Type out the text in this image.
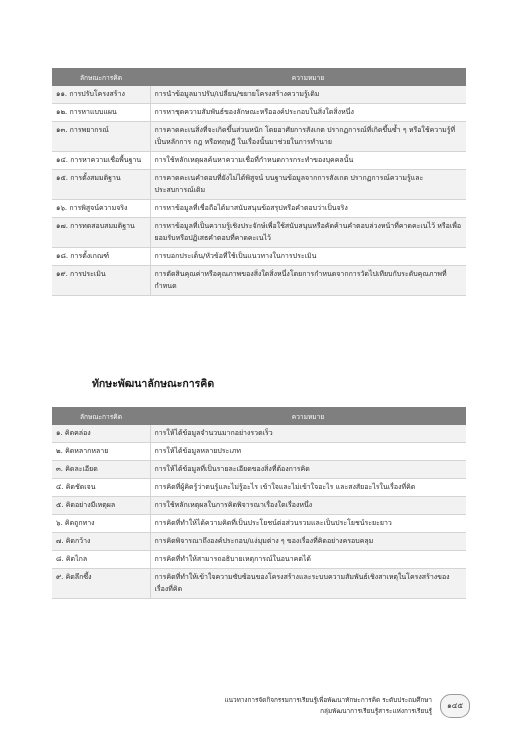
ลักษณะการคิด	ความหมาย
๑๑. การปรับโครงสร้าง	การนำข้อมูลมาปรับ/เปลี่ยน/ขยายโครงสร้างความรู้เดิม
๑๒. การหาแบบแผน	การหาชุดความสัมพันธ์ของลักษณะหรือองค์ประกอบในสิ่งใดสิ่งหนึ่ง
๑๓. การพยากรณ์	การคาดคะเนสิ่งที่จะเกิดขึ้นส่วนหนัก โดยอาศัยการสังเกต ปรากฏการณ์ที่เกิดขึ้นซ้ำ ๆ หรือใช้ความรู้ที่เป็นหลักการ กฎ หรือทฤษฎี ในเรื่องนั้นมาช่วยในการทำนาย
๑๔. การหาความเชื่อพื้นฐาน	การใช้หลักเหตุผลค้นหาความเชื่อที่กำหนดการกระทำของบุคคลนั้น
๑๕. การตั้งสมมติฐาน	การคาดคะเนคำตอบที่ยังไม่ได้พิสูจน์ บนฐานข้อมูลจากการสังเกต ปรากฏการณ์ความรู้และประสบการณ์เดิม
๑๖. การพิสูจน์ความจริง	การหาข้อมูลที่เชื่อถือได้มาสนับสนุนข้อสรุปหรือคำตอบว่าเป็นจริง
๑๗. การทดสอบสมมติฐาน	การหาข้อมูลที่เป็นความรู้เชิงประจักษ์เพื่อใช้สนับสนุนหรือคัดค้านคำตอบล่วงหน้าที่คาดคะเนไว้ หรือเพื่อยอมรับหรือปฏิเสธคำตอบที่คาดคะเนไว้
๑๘. การตั้งเกณฑ์	การบอกประเด็น/หัวข้อที่ใช้เป็นแนวทางในการประเมิน
๑๙. การประเมิน	การตัดสินคุณค่าหรือคุณภาพของสิ่งใดสิ่งหนึ่งโดยการกำหนดจากการวัดไปเทียบกับระดับคุณภาพที่กำหนด
ทักษะพัฒนาลักษณะการคิด
ลักษณะการคิด	ความหมาย
๑. คิดคล่อง	การให้ได้ข้อมูลจำนวนมากอย่างรวดเร็ว
๒. คิดหลากหลาย	การให้ได้ข้อมูลหลายประเภท
๓. คิดละเอียด	การให้ได้ข้อมูลที่เป็นรายละเอียดของสิ่งที่ต้องการคิด
๔. คิดชัดเจน	การคิดที่ผู้คิดรู้ว่าตนรู้และไม่รู้อะไร เข้าใจและไม่เข้าใจอะไร และสงสัยอะไรในเรื่องที่คิด
๕. คิดอย่างมีเหตุผล	การใช้หลักเหตุผลในการคิดพิจารณาเรื่องใดเรื่องหนึ่ง
๖. คิดถูกทาง	การคิดที่ทำให้ได้ความคิดที่เป็นประโยชน์ต่อส่วนรวมและเป็นประโยชน์ระยะยาว
๗. คิดกว้าง	การคิดพิจารณาถึงองค์ประกอบ/แง่มุมต่าง ๆ ของเรื่องที่คิดอย่างครอบคลุม
๘. คิดไกล	การคิดที่ทำให้สามารถอธิบายเหตุการณ์ในอนาคตได้
๙. คิดลึกซึ้ง	การคิดที่ทำให้เข้าใจความซับซ้อนของโครงสร้างและระบบความสัมพันธ์เชิงสาเหตุในโครงสร้างของเรื่องที่คิด
แนวทางการจัดกิจกรรมการเรียนรู้เพื่อพัฒนาทักษะการคิด ระดับประถมศึกษา
กลุ่มพัฒนาการเรียนรู้สาระแห่งการเรียนรู้
๑๔๕
